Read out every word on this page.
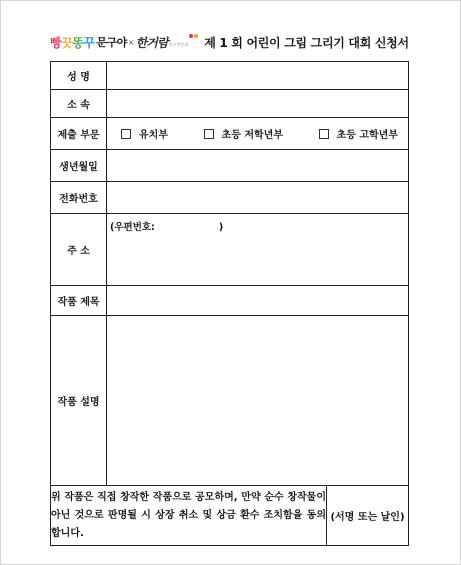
빵끗똥꾸 문구야 × 한거람 문구전문점 제 1 회 어린이 그림 그리기 대회 신청서
성 명		
소 속		
제출 부문	유치부 초등 저학년부 초등 고학년부	

생년월일		
전화번호		
주 소	(우편번호: )	

작품 제목		
작품 설명		
위 작품은 직접 창작한 작품으로 공모하며, 만약 순수 창작물이 아닌 것으로 판명될 시 상장 취소 및 상금 환수 조치함을 동의합니다.		(서명 또는 날인)
